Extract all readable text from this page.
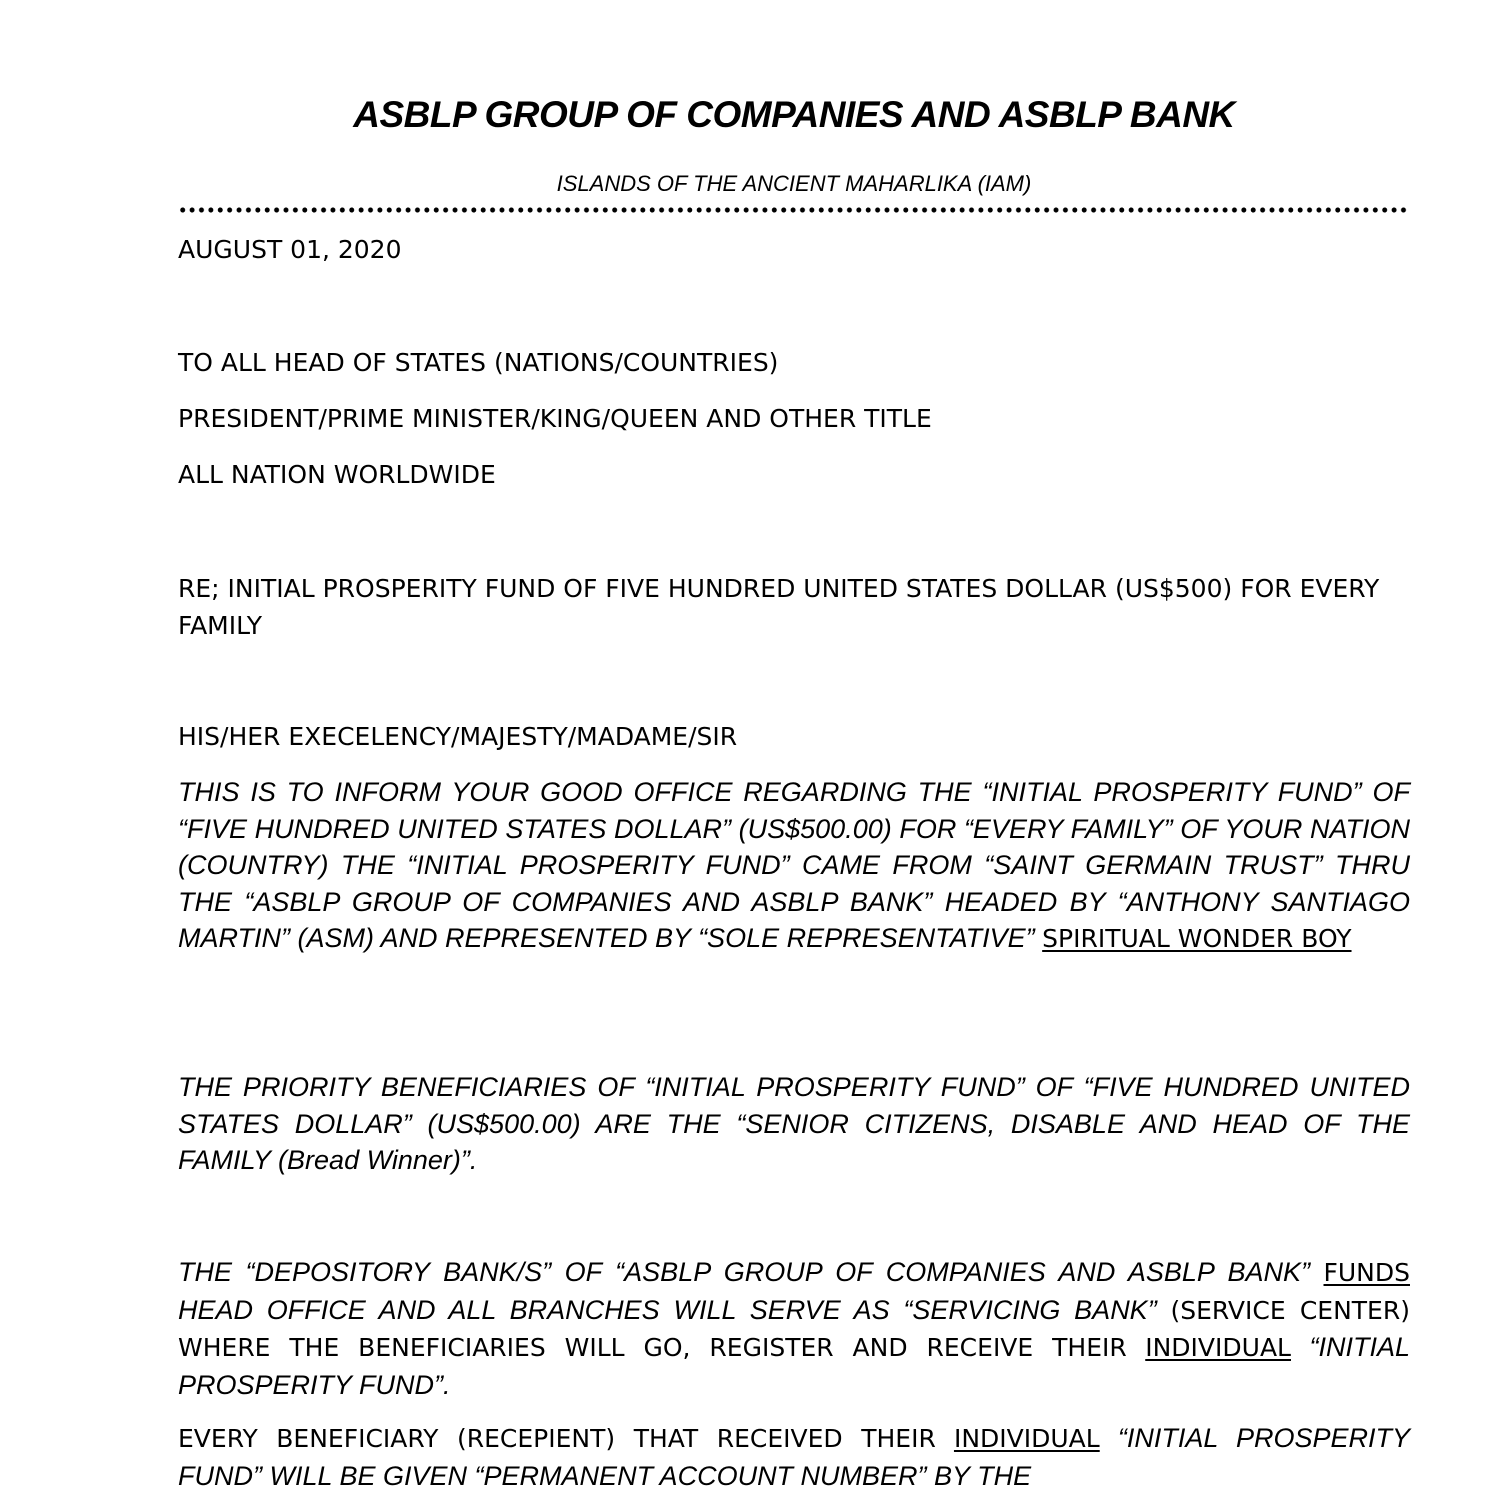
ASBLP GROUP OF COMPANIES AND ASBLP BANK
ISLANDS OF THE ANCIENT MAHARLIKA (IAM)
AUGUST 01, 2020
TO ALL HEAD OF STATES (NATIONS/COUNTRIES)
PRESIDENT/PRIME MINISTER/KING/QUEEN AND OTHER TITLE
ALL NATION WORLDWIDE
RE; INITIAL PROSPERITY FUND OF FIVE HUNDRED UNITED STATES DOLLAR (US$500) FOR EVERY FAMILY
HIS/HER EXECELENCY/MAJESTY/MADAME/SIR
THIS IS TO INFORM YOUR GOOD OFFICE REGARDING THE “INITIAL PROSPERITY FUND” OF “FIVE HUNDRED UNITED STATES DOLLAR” (US$500.00) FOR “EVERY FAMILY” OF YOUR NATION (COUNTRY) THE “INITIAL PROSPERITY FUND” CAME FROM “SAINT GERMAIN TRUST” THRU THE “ASBLP GROUP OF COMPANIES AND ASBLP BANK” HEADED BY “ANTHONY SANTIAGO MARTIN” (ASM) AND REPRESENTED BY “SOLE REPRESENTATIVE” SPIRITUAL WONDER BOY
THE PRIORITY BENEFICIARIES OF “INITIAL PROSPERITY FUND” OF “FIVE HUNDRED UNITED STATES DOLLAR” (US$500.00) ARE THE “SENIOR CITIZENS, DISABLE AND HEAD OF THE FAMILY (Bread Winner)”.
THE “DEPOSITORY BANK/S” OF “ASBLP GROUP OF COMPANIES AND ASBLP BANK” FUNDS HEAD OFFICE AND ALL BRANCHES WILL SERVE AS “SERVICING BANK” (SERVICE CENTER) WHERE THE BENEFICIARIES WILL GO, REGISTER AND RECEIVE THEIR INDIVIDUAL “INITIAL PROSPERITY FUND”.
EVERY BENEFICIARY (RECEPIENT) THAT RECEIVED THEIR INDIVIDUAL “INITIAL PROSPERITY FUND” WILL BE GIVEN “PERMANENT ACCOUNT NUMBER” BY THE
